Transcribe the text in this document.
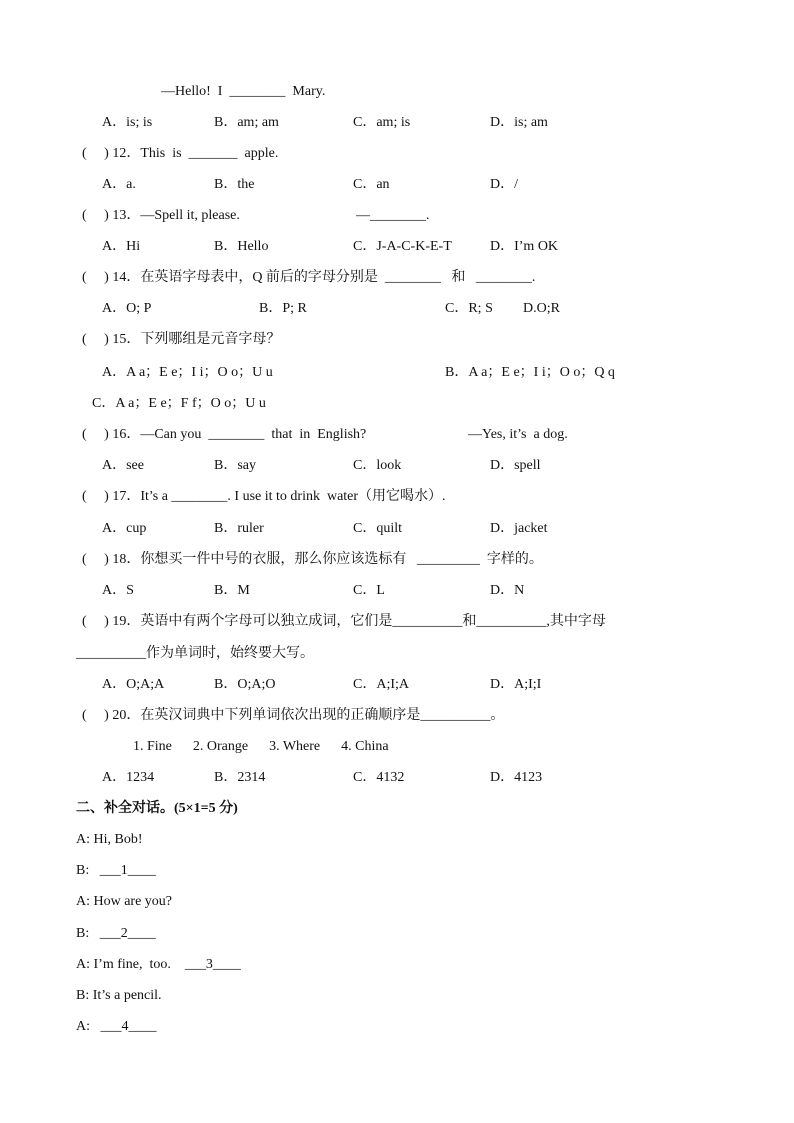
—Hello!  I  ________  Mary.
A．is; is	B．am; am	C．am; is	D．is; am
(     ) 12．This  is  _______  apple.
A．a.	B．the	C．an	D．/
(     ) 13．—Spell it, please.	—________.
A．Hi	B．Hello	C．J-A-C-K-E-T	D．I’m OK
(     ) 14．在英语字母表中，Q 前后的字母分别是  ________   和   ________.
A．O; P	B．P; R	C．R; S D.O;R
(     ) 15．下列哪组是元音字母？
A．A a；E e；I i；O o；U u	B．A a；E e；I i；O o；Q q
C．A a；E e；F f；O o；U u
(     ) 16．—Can you  ________  that  in  English?	—Yes, it’s  a dog.
A．see	B．say	C．look	D．spell
(     ) 17．It’s a ________. I use it to drink  water（用它喝水）.
A．cup	B．ruler	C．quilt	D．jacket
(     ) 18．你想买一件中号的衣服，那么你应该选标有   _________  字样的。
A．S	B．M	C．L	D．N
(     ) 19．英语中有两个字母可以独立成词，它们是__________和__________,其中字母
__________作为单词时，始终要大写。
A．O;A;A	B．O;A;O	C．A;I;A	D．A;I;I
(     ) 20．在英汉词典中下列单词依次出现的正确顺序是__________。
1. Fine      2. Orange      3. Where      4. China
A．1234	B．2314	C．4132	D．4123
二、补全对话。(5×1=5 分)
A: Hi, Bob!
B:   ___1____
A: How are you?
B:   ___2____
A: I’m fine,  too.    ___3____
B: It’s a pencil.
A:   ___4____
